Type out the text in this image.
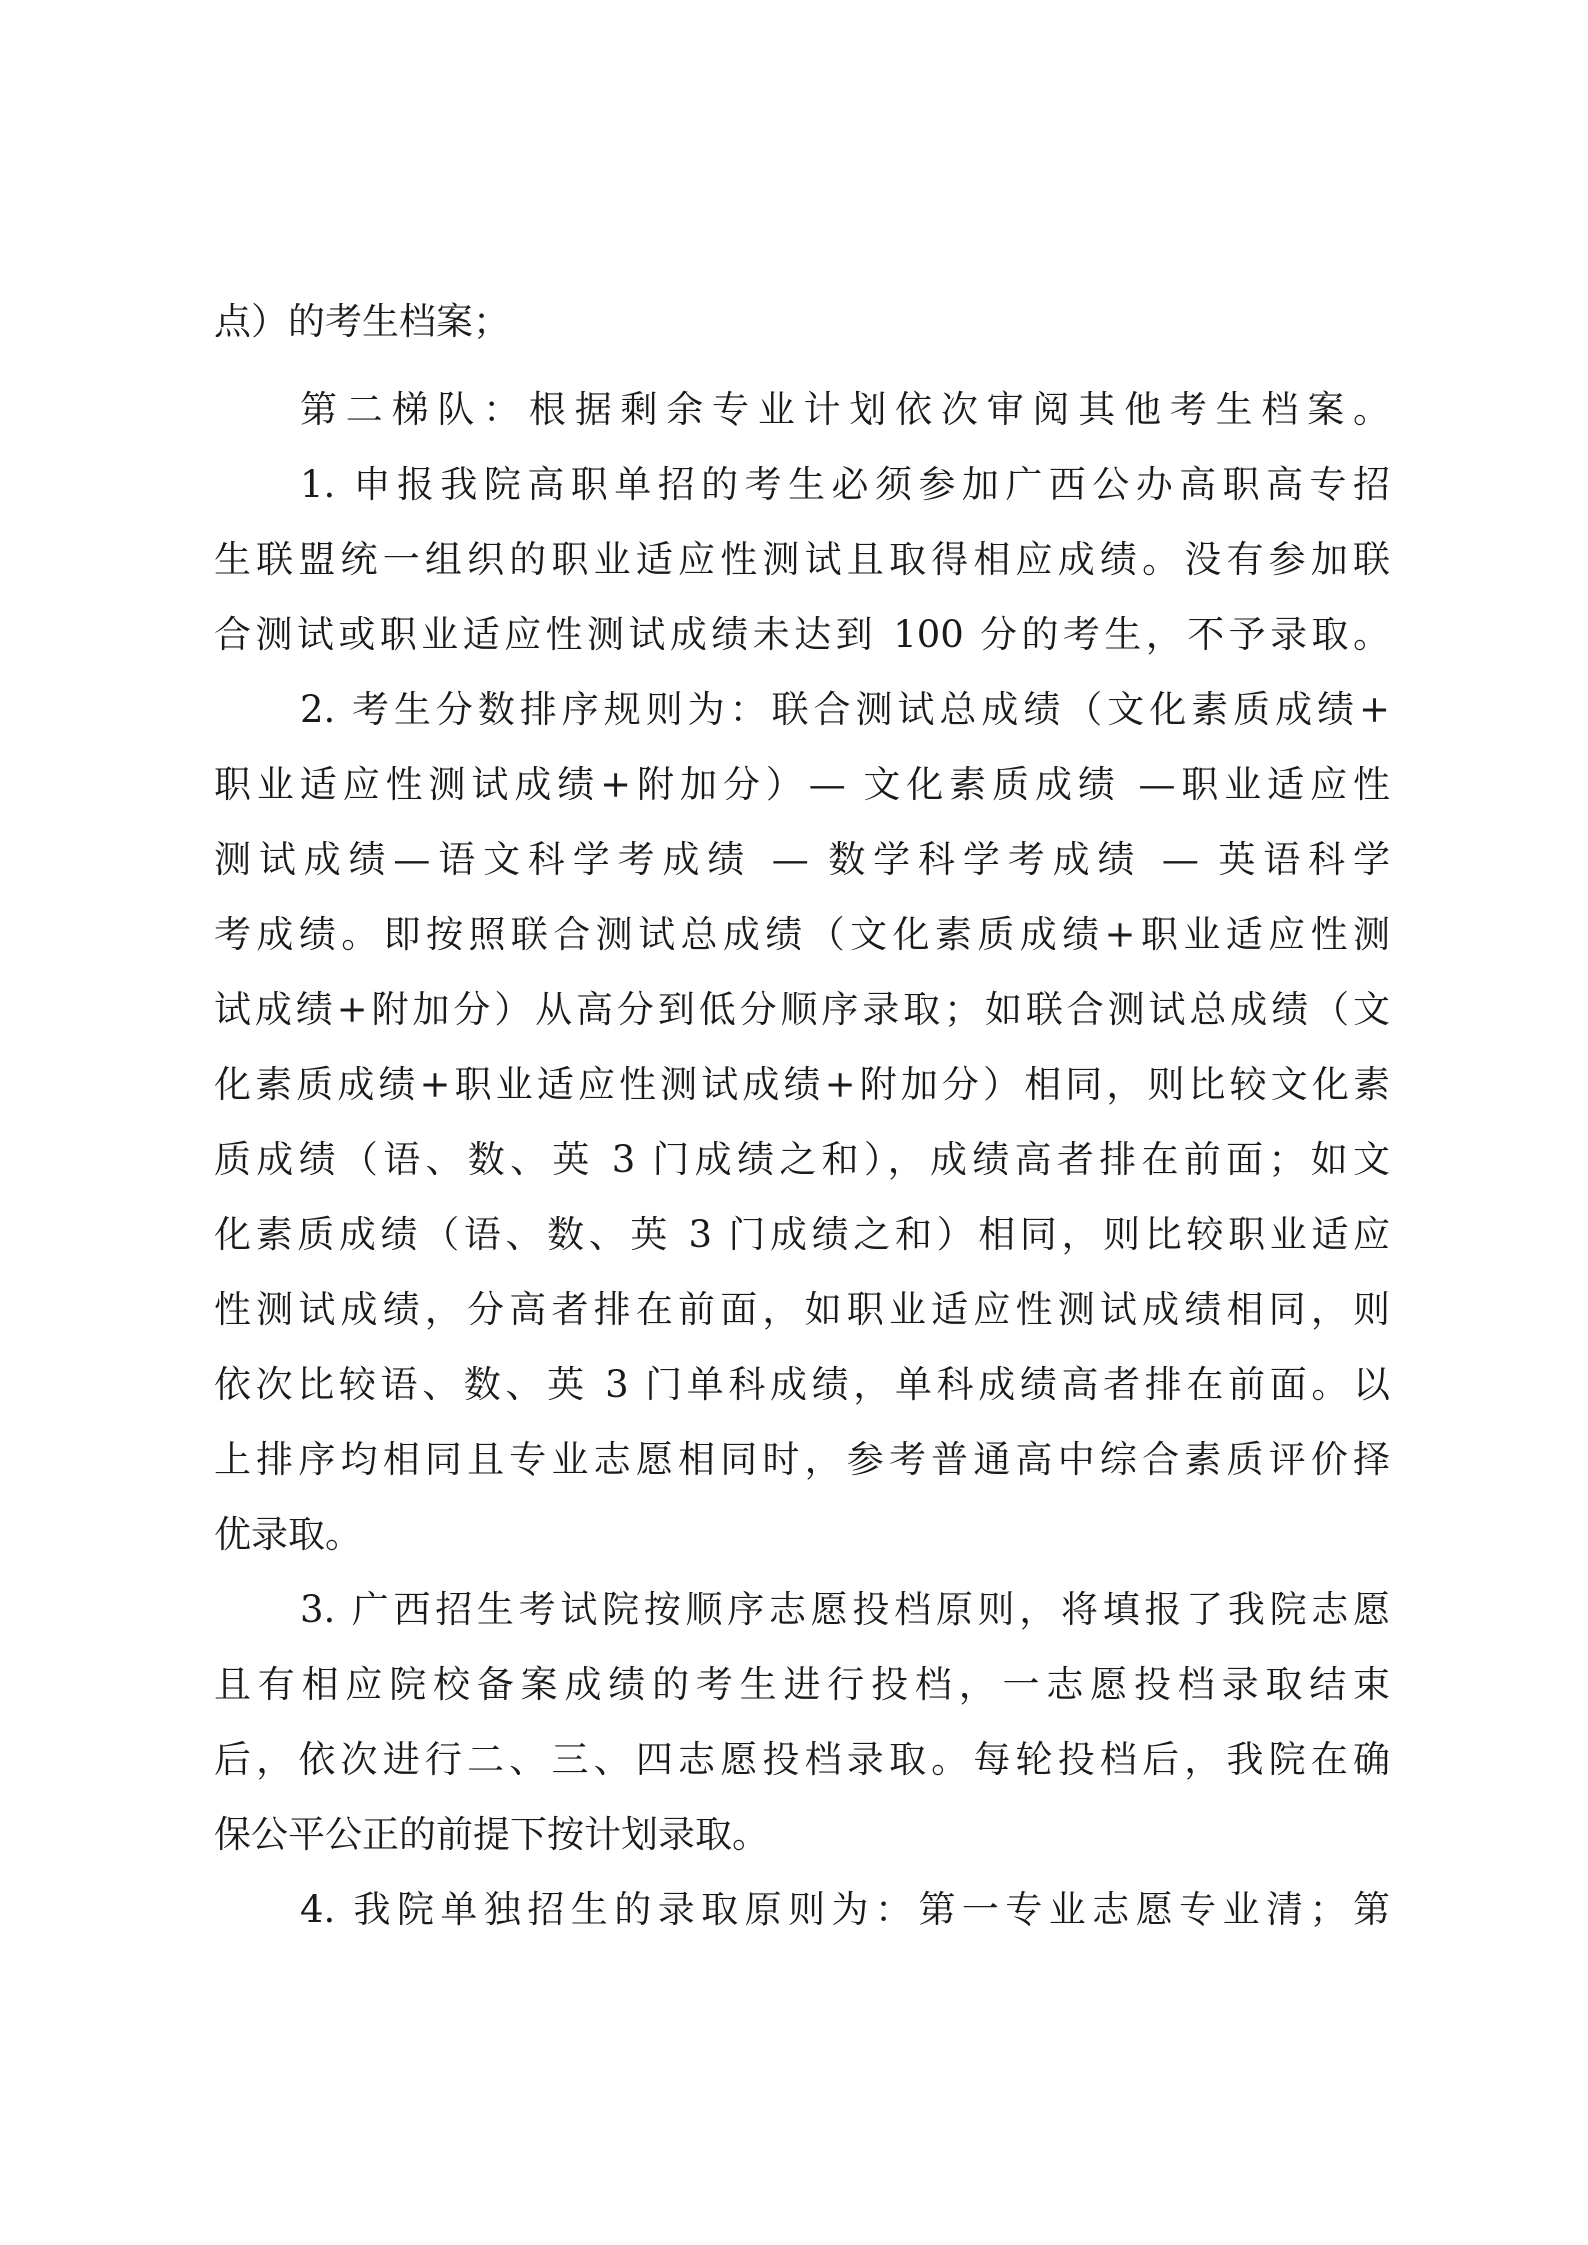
点）的考生档案；
第二梯队：根据剩余专业计划依次审阅其他考生档案。
1. 申报我院高职单招的考生必须参加广西公办高职高专招
生联盟统一组织的职业适应性测试且取得相应成绩。没有参加联
合测试或职业适应性测试成绩未达到 100 分的考生，不予录取。
2. 考生分数排序规则为：联合测试总成绩（文化素质成绩+
职业适应性测试成绩+附加分）— 文化素质成绩 —职业适应性
测试成绩—语文科学考成绩 — 数学科学考成绩 — 英语科学
考成绩。即按照联合测试总成绩（文化素质成绩+职业适应性测
试成绩+附加分）从高分到低分顺序录取；如联合测试总成绩（文
化素质成绩+职业适应性测试成绩+附加分）相同，则比较文化素
质成绩（语、数、英 3 门成绩之和），成绩高者排在前面；如文
化素质成绩（语、数、英 3 门成绩之和）相同，则比较职业适应
性测试成绩，分高者排在前面，如职业适应性测试成绩相同，则
依次比较语、数、英 3 门单科成绩，单科成绩高者排在前面。以
上排序均相同且专业志愿相同时，参考普通高中综合素质评价择
优录取。
3. 广西招生考试院按顺序志愿投档原则，将填报了我院志愿
且有相应院校备案成绩的考生进行投档，一志愿投档录取结束
后，依次进行二、三、四志愿投档录取。每轮投档后，我院在确
保公平公正的前提下按计划录取。
4. 我院单独招生的录取原则为：第一专业志愿专业清；第
